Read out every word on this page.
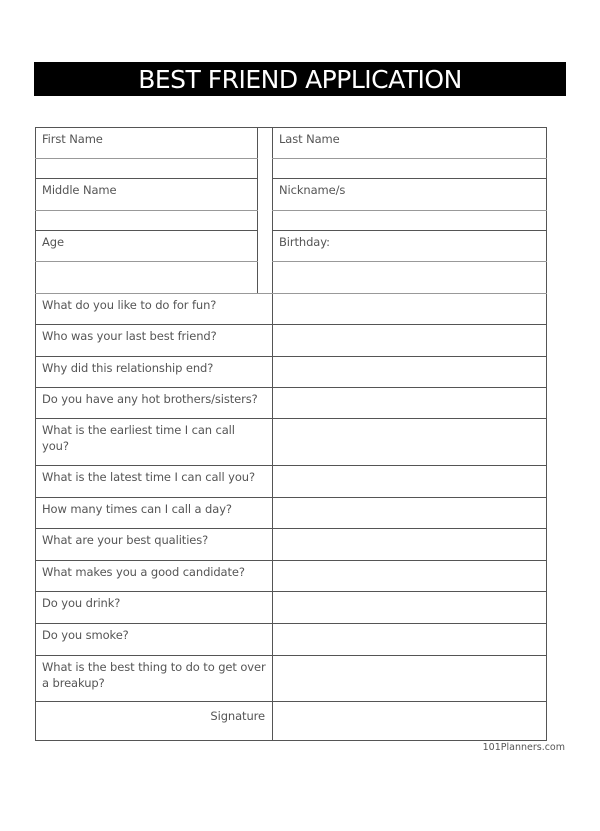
BEST FRIEND APPLICATION
First Name
Middle Name
Age
Last Name
Nickname/s
Birthday:
What do you like to do for fun?
Who was your last best friend?
Why did this relationship end?
Do you have any hot brothers/sisters?
What is the earliest time I can call you?
What is the latest time I can call you?
How many times can I call a day?
What are your best qualities?
What makes you a good candidate?
Do you drink?
Do you smoke?
What is the best thing to do to get over a breakup?
Signature
101Planners.com
